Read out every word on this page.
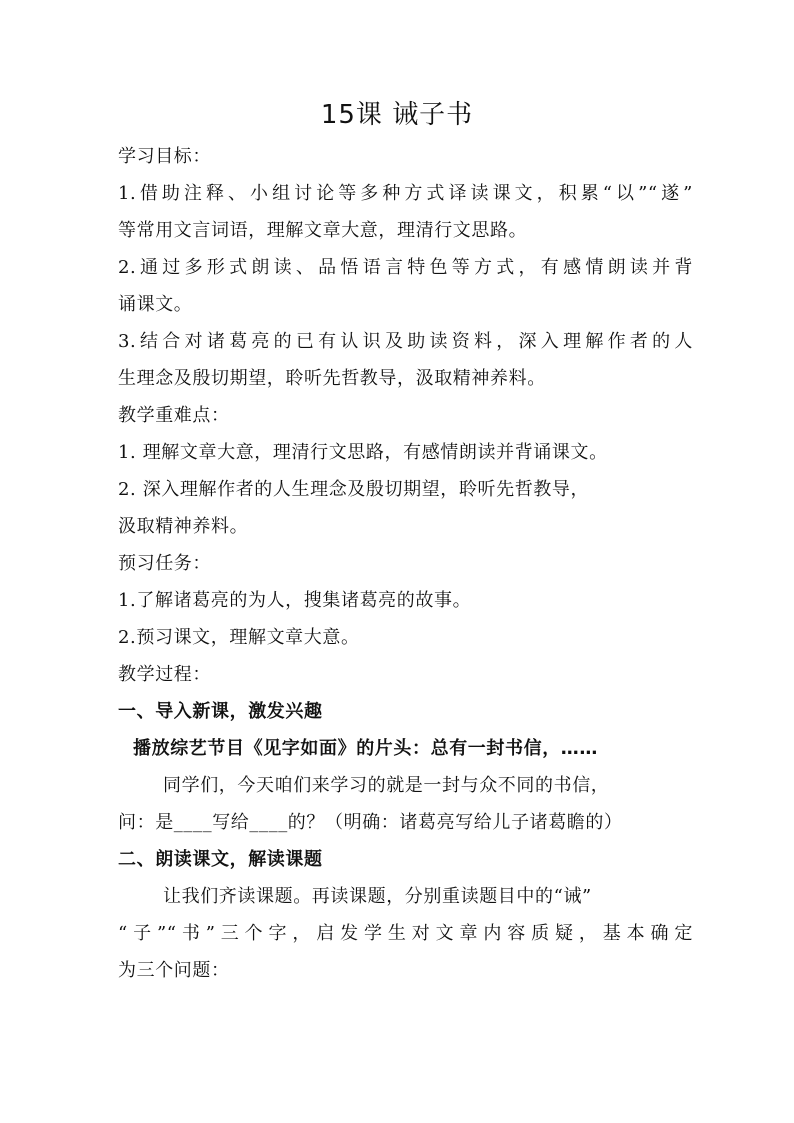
15课 诫子书
学习目标：
1.借助注释、小组讨论等多种方式译读课文，积累“以”“遂”
等常用文言词语，理解文章大意，理清行文思路。
2.通过多形式朗读、品悟语言特色等方式，有感情朗读并背
诵课文。
3.结合对诸葛亮的已有认识及助读资料，深入理解作者的人
生理念及殷切期望，聆听先哲教导，汲取精神养料。
教学重难点：
1. 理解文章大意，理清行文思路，有感情朗读并背诵课文。
2. 深入理解作者的人生理念及殷切期望，聆听先哲教导，
汲取精神养料。
预习任务：
1.了解诸葛亮的为人，搜集诸葛亮的故事。
2.预习课文，理解文章大意。
教学过程：
一、导入新课，激发兴趣
播放综艺节目《见字如面》的片头：总有一封书信，……
同学们，今天咱们来学习的就是一封与众不同的书信，
问：是____写给____的？（明确：诸葛亮写给儿子诸葛瞻的）
二、朗读课文，解读课题
让我们齐读课题。再读课题，分别重读题目中的“诫”
“子”“书”三个字，启发学生对文章内容质疑，基本确定
为三个问题：
